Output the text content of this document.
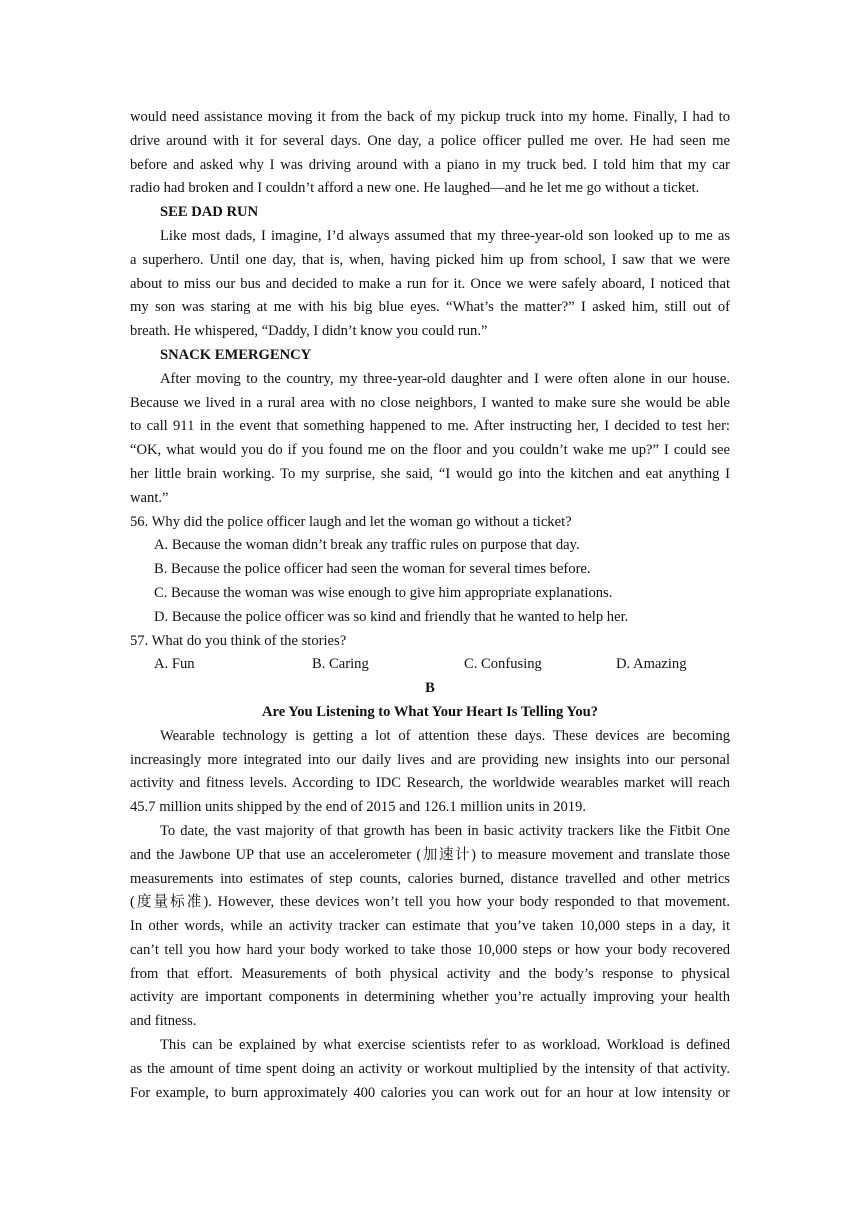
would need assistance moving it from the back of my pickup truck into my home. Finally, I had to

drive around with it for several days. One day, a police officer pulled me over. He had seen me

before and asked why I was driving around with a piano in my truck bed. I told him that my car

radio had broken and I couldn’t afford a new one. He laughed—and he let me go without a ticket.

SEE DAD RUN

Like most dads, I imagine, I’d always assumed that my three-year-old son looked up to me as

a superhero. Until one day, that is, when, having picked him up from school, I saw that we were

about to miss our bus and decided to make a run for it. Once we were safely aboard, I noticed that

my son was staring at me with his big blue eyes. “What’s the matter?” I asked him, still out of

breath. He whispered, “Daddy, I didn’t know you could run.”

SNACK EMERGENCY

After moving to the country, my three-year-old daughter and I were often alone in our house.

Because we lived in a rural area with no close neighbors, I wanted to make sure she would be able

to call 911 in the event that something happened to me. After instructing her, I decided to test her:

“OK, what would you do if you found me on the floor and you couldn’t wake me up?” I could see

her little brain working. To my surprise, she said, “I would go into the kitchen and eat anything I

want.”

56. Why did the police officer laugh and let the woman go without a ticket?

A. Because the woman didn’t break any traffic rules on purpose that day.

B. Because the police officer had seen the woman for several times before.

C. Because the woman was wise enough to give him appropriate explanations.

D. Because the police officer was so kind and friendly that he wanted to help her.

57. What do you think of the stories?

A. Fun	B. Caring	C. Confusing	D. Amazing

B

Are You Listening to What Your Heart Is Telling You?

Wearable technology is getting a lot of attention these days. These devices are becoming

increasingly more integrated into our daily lives and are providing new insights into our personal

activity and fitness levels. According to IDC Research, the worldwide wearables market will reach

45.7 million units shipped by the end of 2015 and 126.1 million units in 2019.

To date, the vast majority of that growth has been in basic activity trackers like the Fitbit One

and the Jawbone UP that use an accelerometer (加速计) to measure movement and translate those

measurements into estimates of step counts, calories burned, distance travelled and other metrics

(度量标准). However, these devices won’t tell you how your body responded to that movement.

In other words, while an activity tracker can estimate that you’ve taken 10,000 steps in a day, it

can’t tell you how hard your body worked to take those 10,000 steps or how your body recovered

from that effort. Measurements of both physical activity and the body’s response to physical

activity are important components in determining whether you’re actually improving your health

and fitness.

This can be explained by what exercise scientists refer to as workload. Workload is defined

as the amount of time spent doing an activity or workout multiplied by the intensity of that activity.

For example, to burn approximately 400 calories you can work out for an hour at low intensity or
